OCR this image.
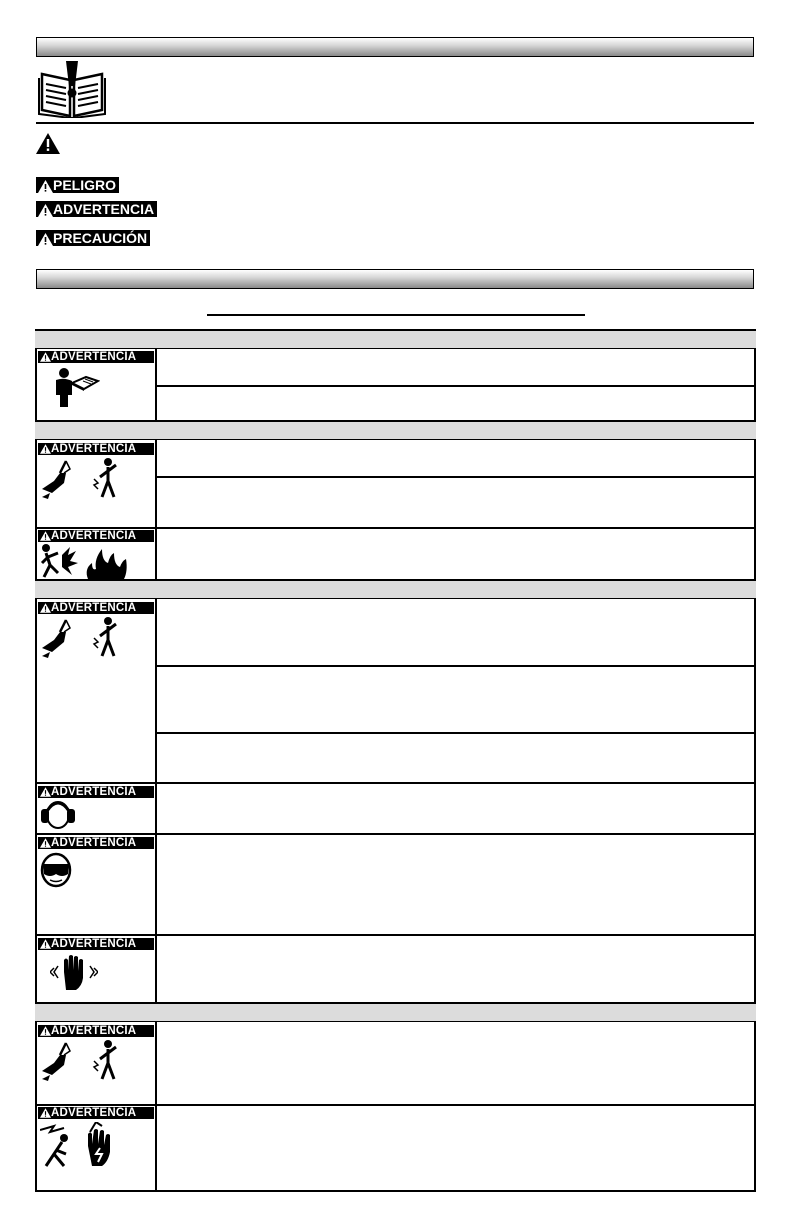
PELIGRO
ADVERTENCIA
PRECAUCIÓN
ADVERTENCIA
ADVERTENCIA
ADVERTENCIA
ADVERTENCIA
ADVERTENCIA
ADVERTENCIA
ADVERTENCIA
ADVERTENCIA
ADVERTENCIA
